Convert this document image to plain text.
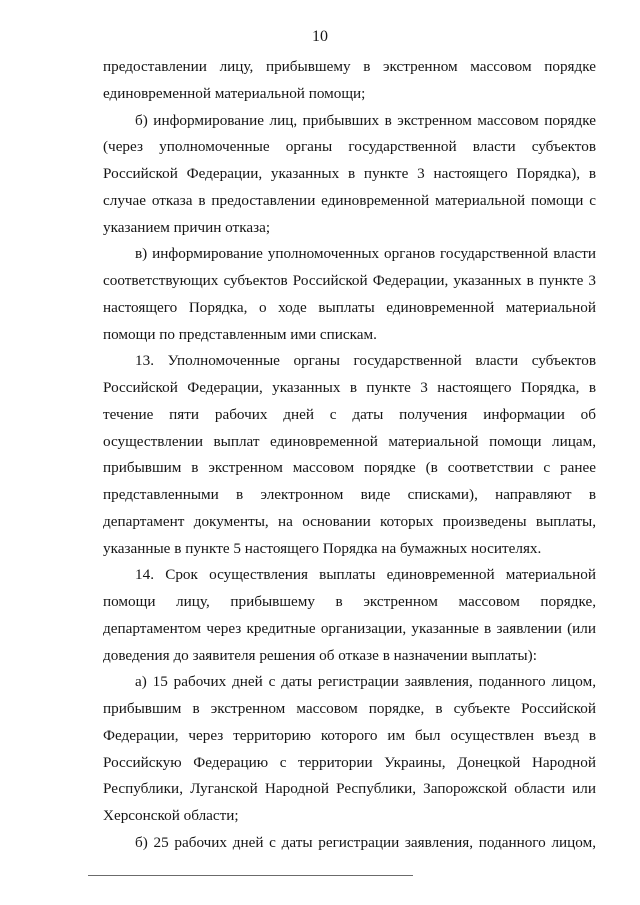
10
предоставлении лицу, прибывшему в экстренном массовом порядке
единовременной материальной помощи;
б) информирование лиц, прибывших в экстренном массовом порядке
(через уполномоченные органы государственной власти субъектов
Российской Федерации, указанных в пункте 3 настоящего Порядка), в
случае отказа в предоставлении единовременной материальной помощи с
указанием причин отказа;
в) информирование уполномоченных органов государственной власти
соответствующих субъектов Российской Федерации, указанных в пункте 3
настоящего Порядка, о ходе выплаты единовременной материальной
помощи по представленным ими спискам.
13. Уполномоченные органы государственной власти субъектов
Российской Федерации, указанных в пункте 3 настоящего Порядка, в
течение пяти рабочих дней с даты получения информации об
осуществлении выплат единовременной материальной помощи лицам,
прибывшим в экстренном массовом порядке (в соответствии с ранее
представленными в электронном виде списками), направляют в
департамент документы, на основании которых произведены выплаты,
указанные в пункте 5 настоящего Порядка на бумажных носителях.
14. Срок осуществления выплаты единовременной материальной
помощи лицу, прибывшему в экстренном массовом порядке,
департаментом через кредитные организации, указанные в заявлении (или
доведения до заявителя решения об отказе в назначении выплаты):
а) 15 рабочих дней с даты регистрации заявления, поданного лицом,
прибывшим в экстренном массовом порядке, в субъекте Российской
Федерации, через территорию которого им был осуществлен въезд в
Российскую Федерацию с территории Украины, Донецкой Народной
Республики, Луганской Народной Республики, Запорожской области или
Херсонской области;
б) 25 рабочих дней с даты регистрации заявления, поданного лицом,
